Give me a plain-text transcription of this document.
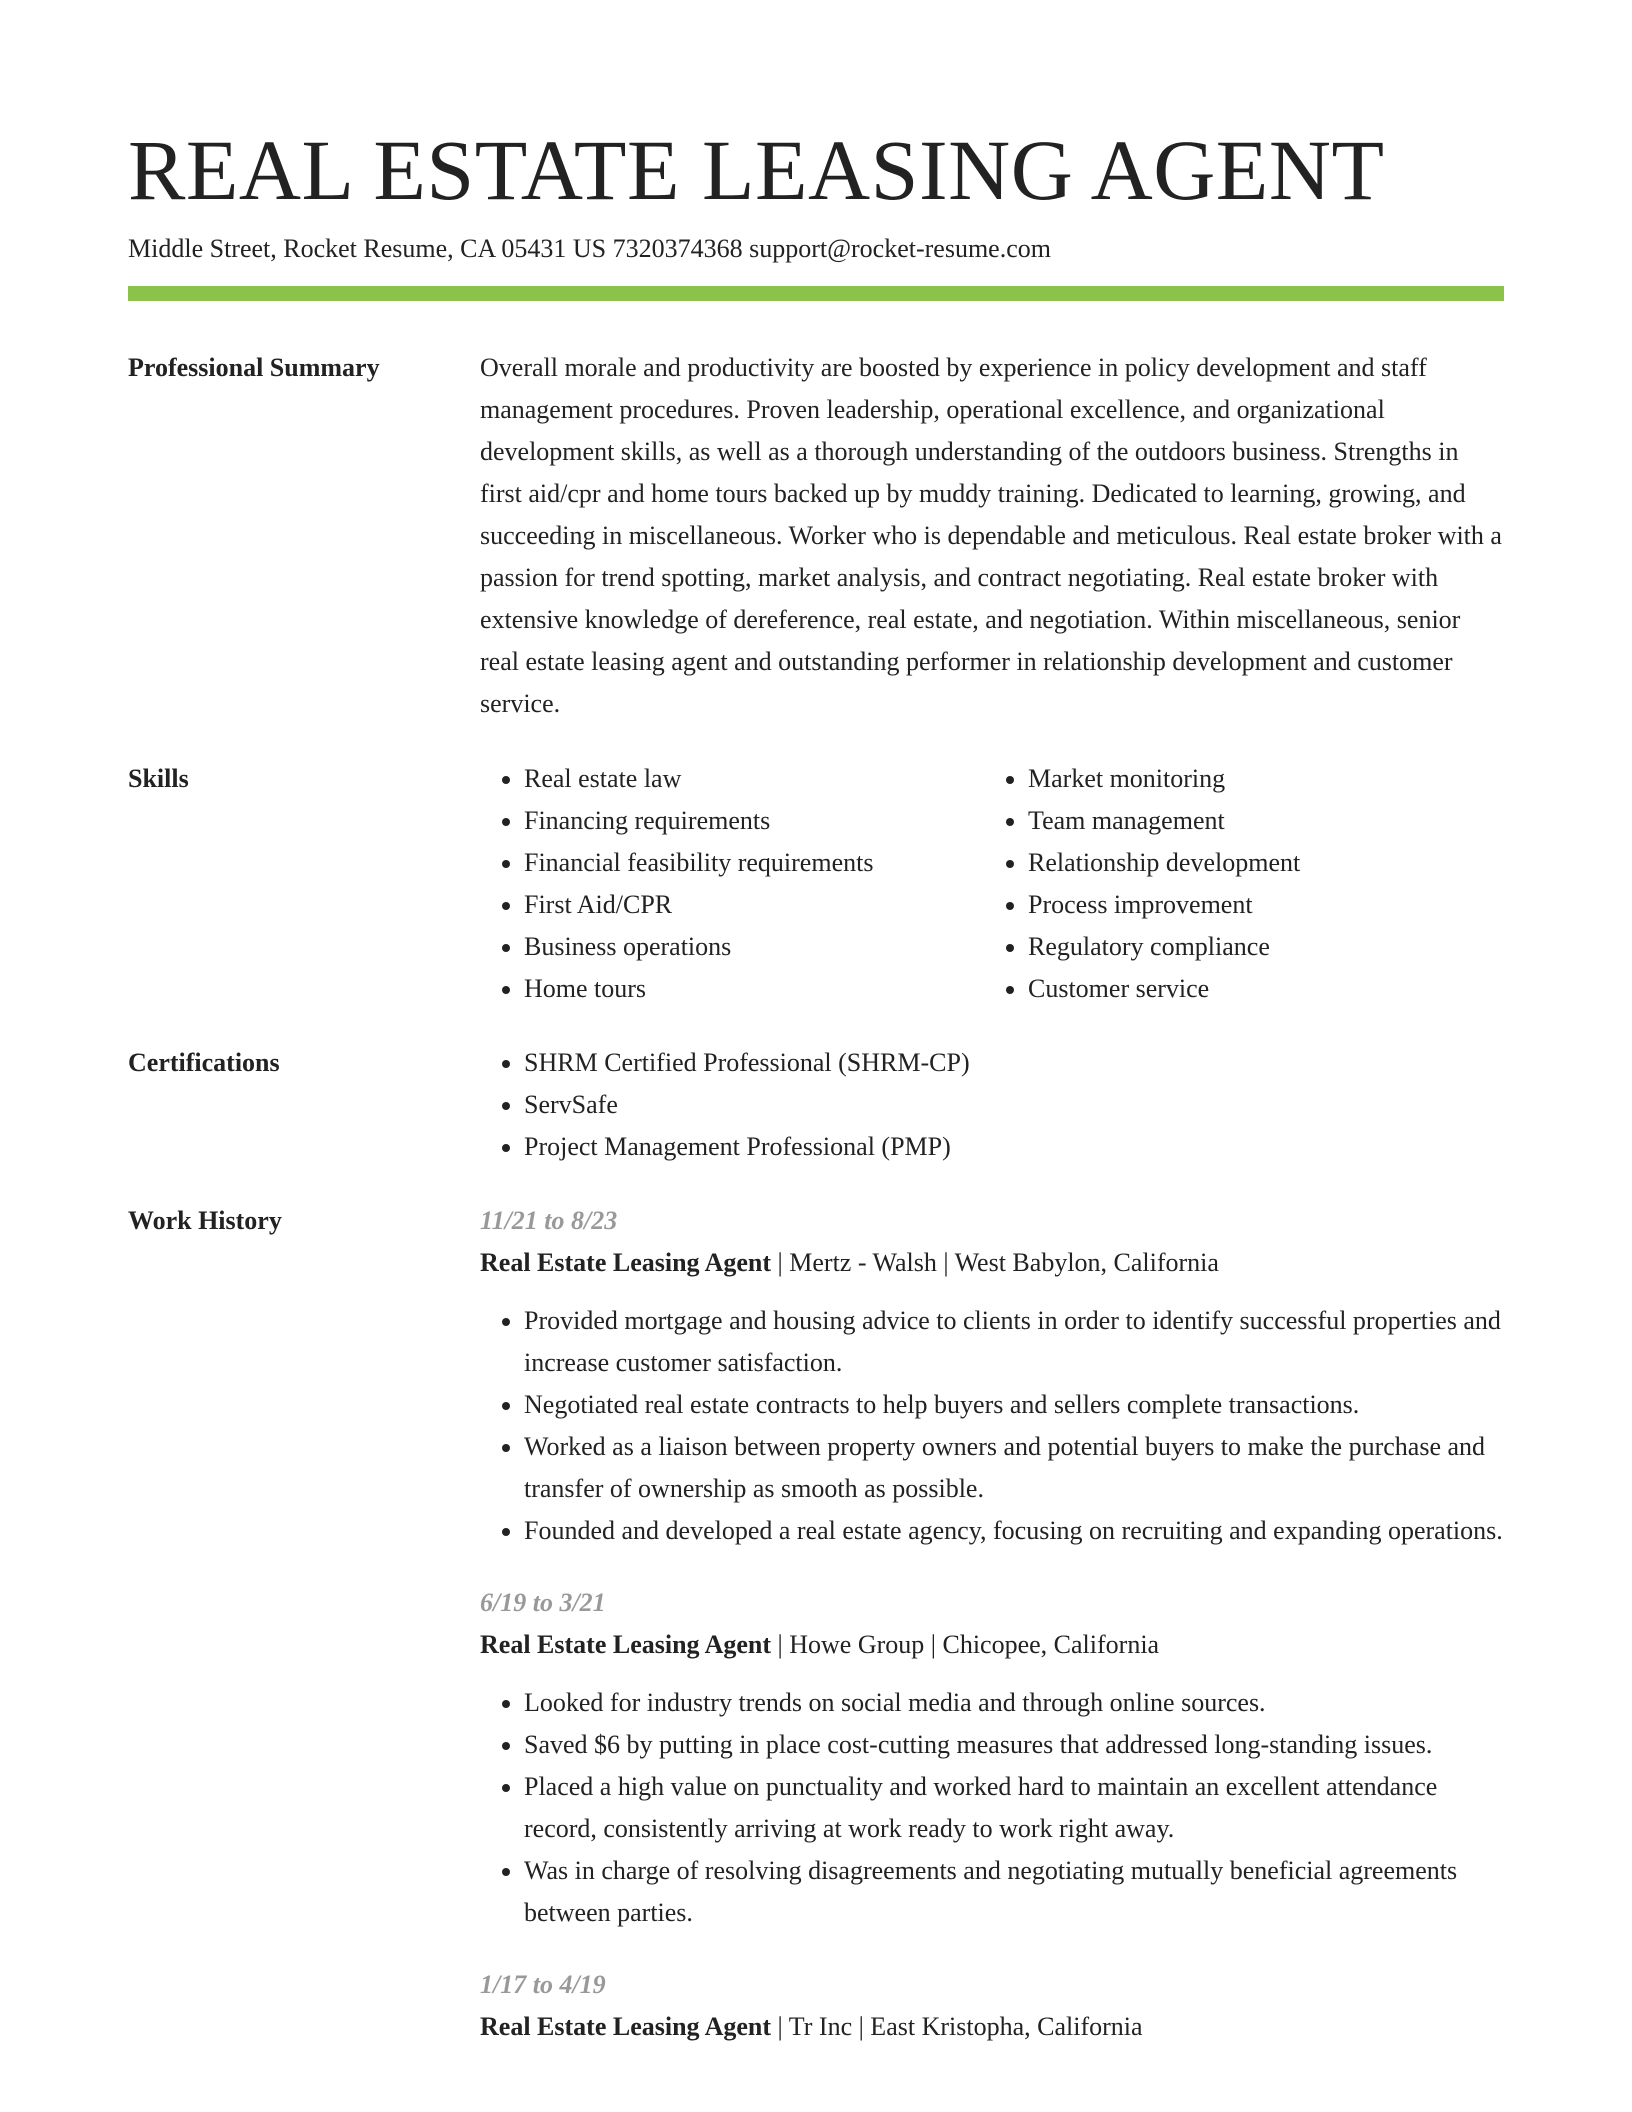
REAL ESTATE LEASING AGENT
Middle Street, Rocket Resume, CA 05431 US 7320374368 support@rocket-resume.com
Professional Summary	Overall morale and productivity are boosted by experience in policy development and staff management procedures. Proven leadership, operational excellence, and organizational development skills, as well as a thorough understanding of the outdoors business. Strengths in first aid/cpr and home tours backed up by muddy training. Dedicated to learning, growing, and succeeding in miscellaneous. Worker who is dependable and meticulous. Real estate broker with a passion for trend spotting, market analysis, and contract negotiating. Real estate broker with extensive knowledge of dereference, real estate, and negotiation. Within miscellaneous, senior real estate leasing agent and outstanding performer in relationship development and customer service.

Skills	• Real estate law
• Financing requirements
• Financial feasibility requirements
• First Aid/CPR
• Business operations
• Home tours
• Market monitoring
• Team management
• Relationship development
• Process improvement
• Regulatory compliance
• Customer service
Certifications	• SHRM Certified Professional (SHRM-CP)
• ServSafe
• Project Management Professional (PMP)
Work History	11/21 to 8/23
Real Estate Leasing Agent | Mertz - Walsh | West Babylon, California
• Provided mortgage and housing advice to clients in order to identify successful properties and increase customer satisfaction.
• Negotiated real estate contracts to help buyers and sellers complete transactions.
• Worked as a liaison between property owners and potential buyers to make the purchase and transfer of ownership as smooth as possible.
• Founded and developed a real estate agency, focusing on recruiting and expanding operations.
6/19 to 3/21
Real Estate Leasing Agent | Howe Group | Chicopee, California
• Looked for industry trends on social media and through online sources.
• Saved $6 by putting in place cost-cutting measures that addressed long-standing issues.
• Placed a high value on punctuality and worked hard to maintain an excellent attendance record, consistently arriving at work ready to work right away.
• Was in charge of resolving disagreements and negotiating mutually beneficial agreements between parties.
1/17 to 4/19
Real Estate Leasing Agent | Tr Inc | East Kristopha, California
